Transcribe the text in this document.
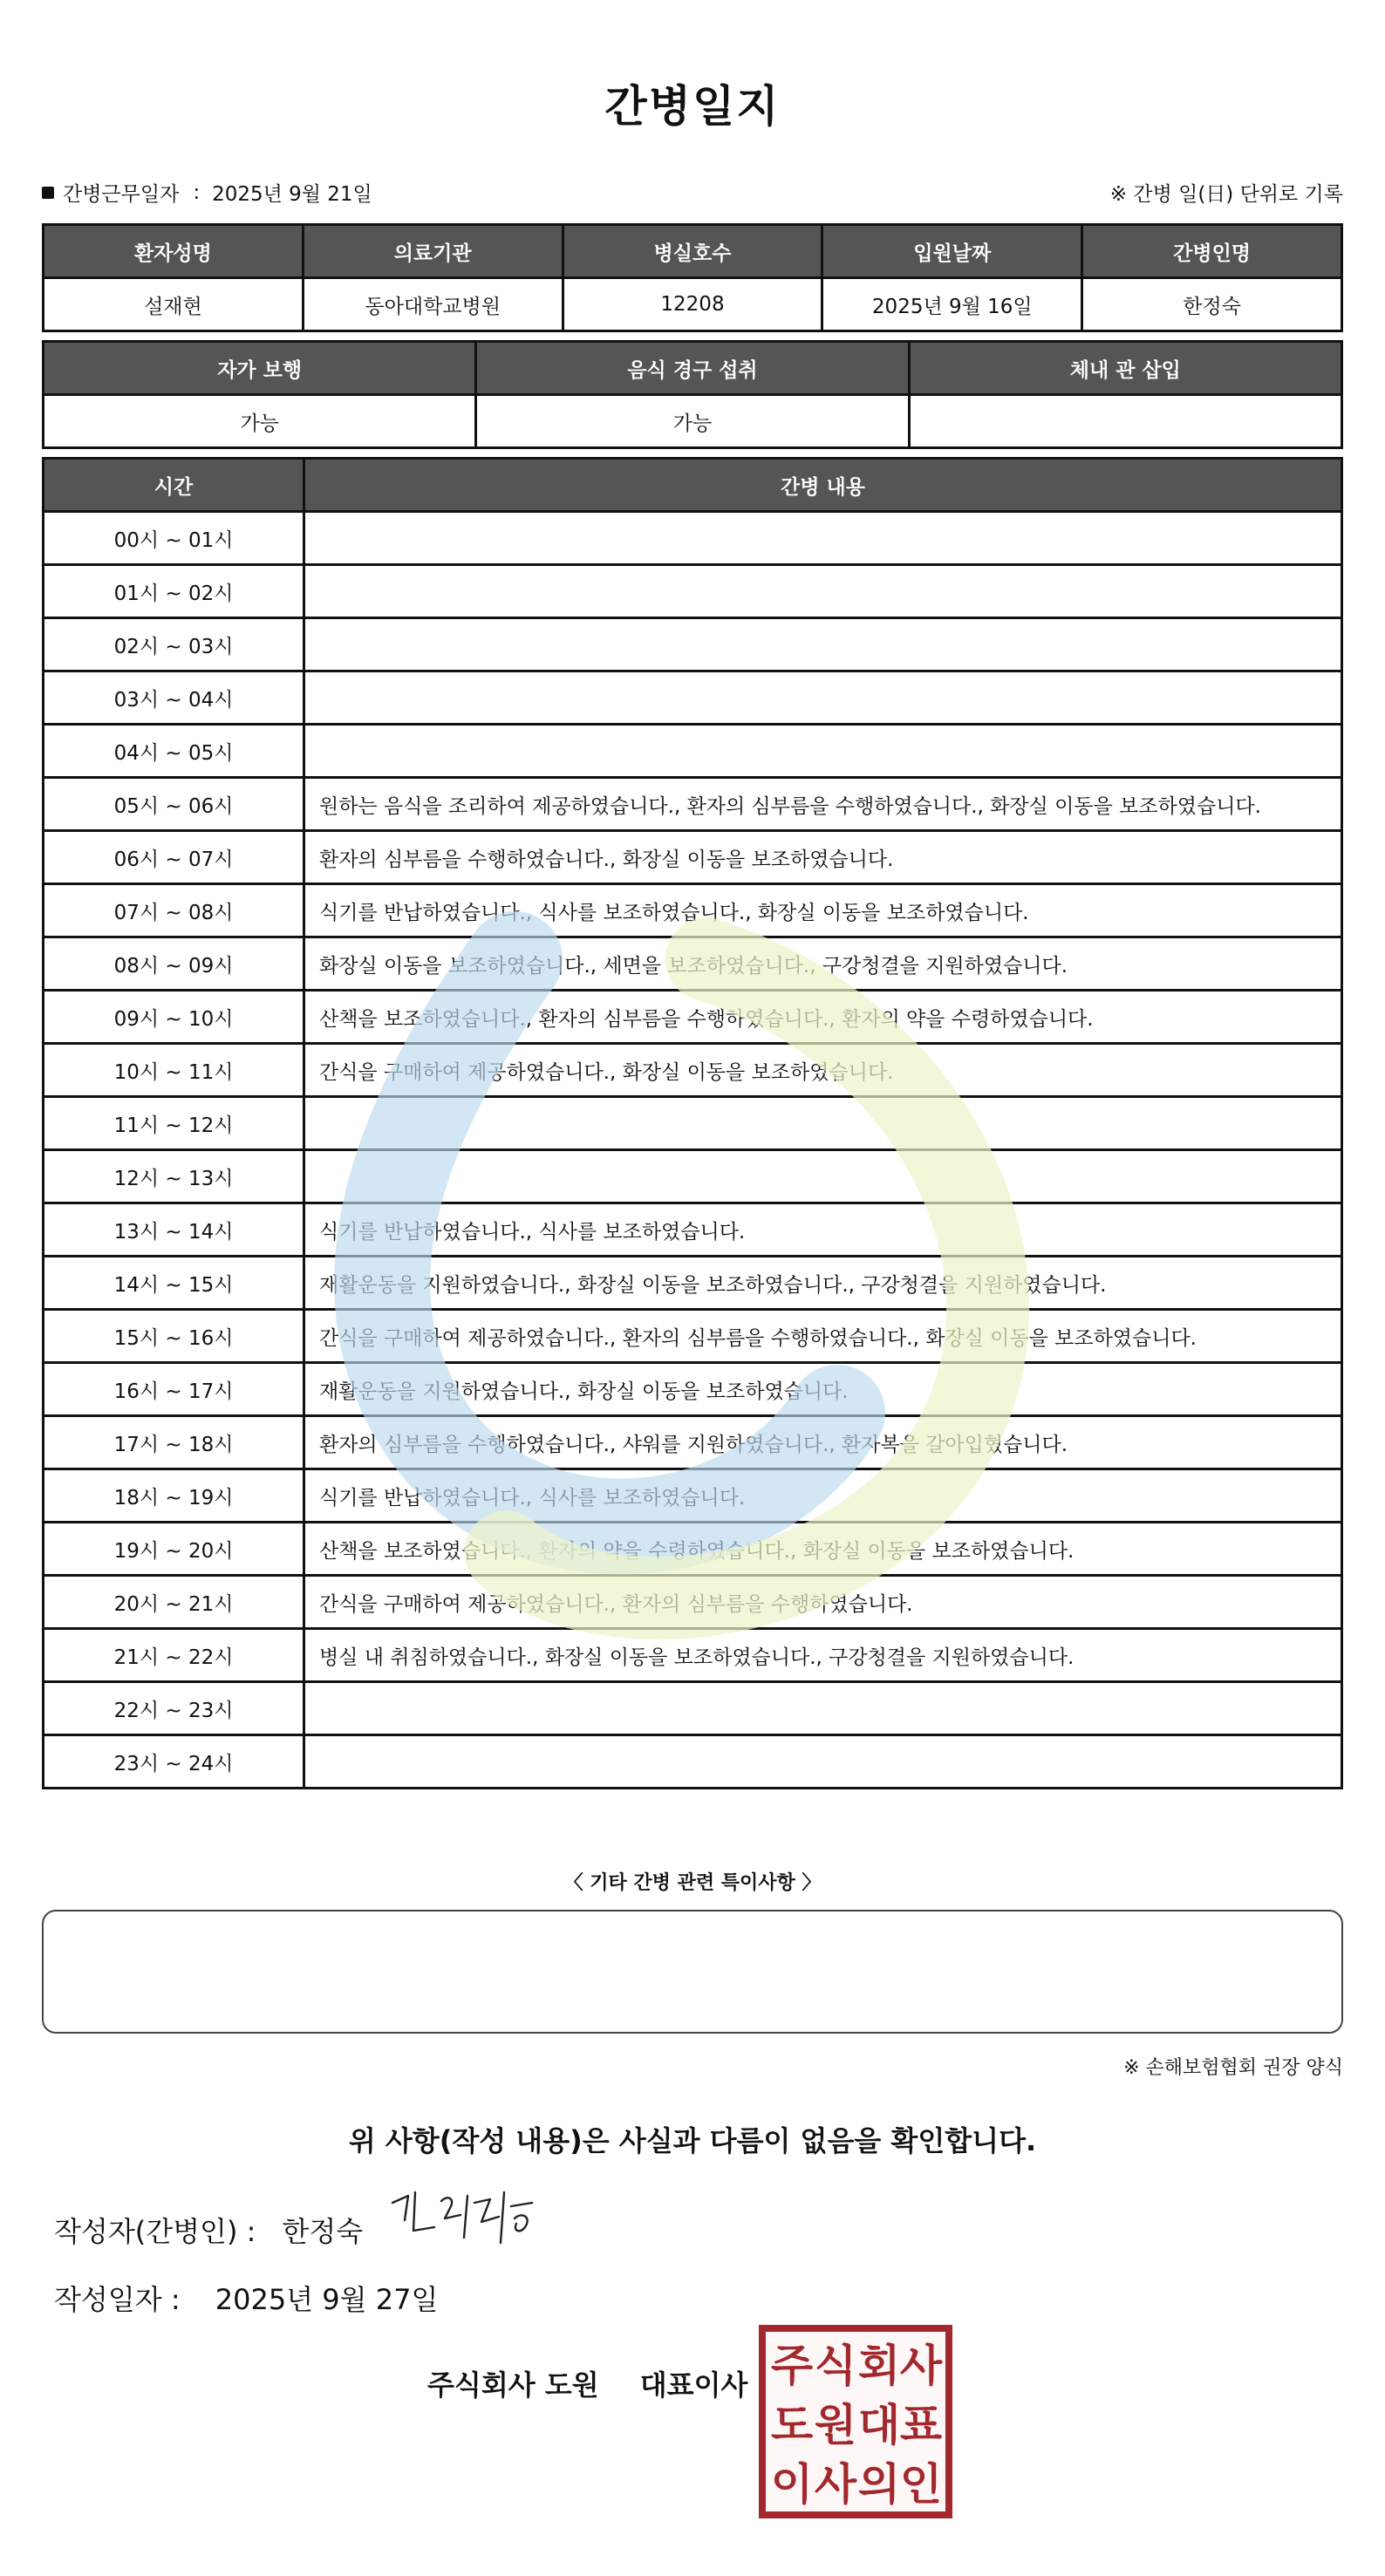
간병일지
간병근무일자 : 2025년 9월 21일	※ 간병 일(日) 단위로 기록
환자성명	의료기관	병실호수	입원날짜	간병인명
설재현	동아대학교병원	12208	2025년 9월 16일	한정숙
자가 보행	음식 경구 섭취	체내 관 삽입
가능	가능	
시간	간병 내용
00시 ~ 01시	
01시 ~ 02시	
02시 ~ 03시	
03시 ~ 04시	
04시 ~ 05시	
05시 ~ 06시	원하는 음식을 조리하여 제공하였습니다., 환자의 심부름을 수행하였습니다., 화장실 이동을 보조하였습니다.
06시 ~ 07시	환자의 심부름을 수행하였습니다., 화장실 이동을 보조하였습니다.
07시 ~ 08시	식기를 반납하였습니다., 식사를 보조하였습니다., 화장실 이동을 보조하였습니다.
08시 ~ 09시	화장실 이동을 보조하였습니다., 세면을 보조하였습니다., 구강청결을 지원하였습니다.
09시 ~ 10시	산책을 보조하였습니다., 환자의 심부름을 수행하였습니다., 환자의 약을 수령하였습니다.
10시 ~ 11시	간식을 구매하여 제공하였습니다., 화장실 이동을 보조하였습니다.
11시 ~ 12시	
12시 ~ 13시	
13시 ~ 14시	식기를 반납하였습니다., 식사를 보조하였습니다.
14시 ~ 15시	재활운동을 지원하였습니다., 화장실 이동을 보조하였습니다., 구강청결을 지원하였습니다.
15시 ~ 16시	간식을 구매하여 제공하였습니다., 환자의 심부름을 수행하였습니다., 화장실 이동을 보조하였습니다.
16시 ~ 17시	재활운동을 지원하였습니다., 화장실 이동을 보조하였습니다.
17시 ~ 18시	환자의 심부름을 수행하였습니다., 샤워를 지원하였습니다., 환자복을 갈아입혔습니다.
18시 ~ 19시	식기를 반납하였습니다., 식사를 보조하였습니다.
19시 ~ 20시	산책을 보조하였습니다., 환자의 약을 수령하였습니다., 화장실 이동을 보조하였습니다.
20시 ~ 21시	간식을 구매하여 제공하였습니다., 환자의 심부름을 수행하였습니다.
21시 ~ 22시	병실 내 취침하였습니다., 화장실 이동을 보조하였습니다., 구강청결을 지원하였습니다.
22시 ~ 23시	
23시 ~ 24시	
〈 기타 간병 관련 특이사항 〉
※ 손해보험협회 권장 양식
위 사항(작성 내용)은 사실과 다름이 없음을 확인합니다.
작성자(간병인) : 한정숙
작성일자 : 2025년 9월 27일
주식회사 도원 대표이사 주 식 회 사
도 원 대 표
이 사 의 인
